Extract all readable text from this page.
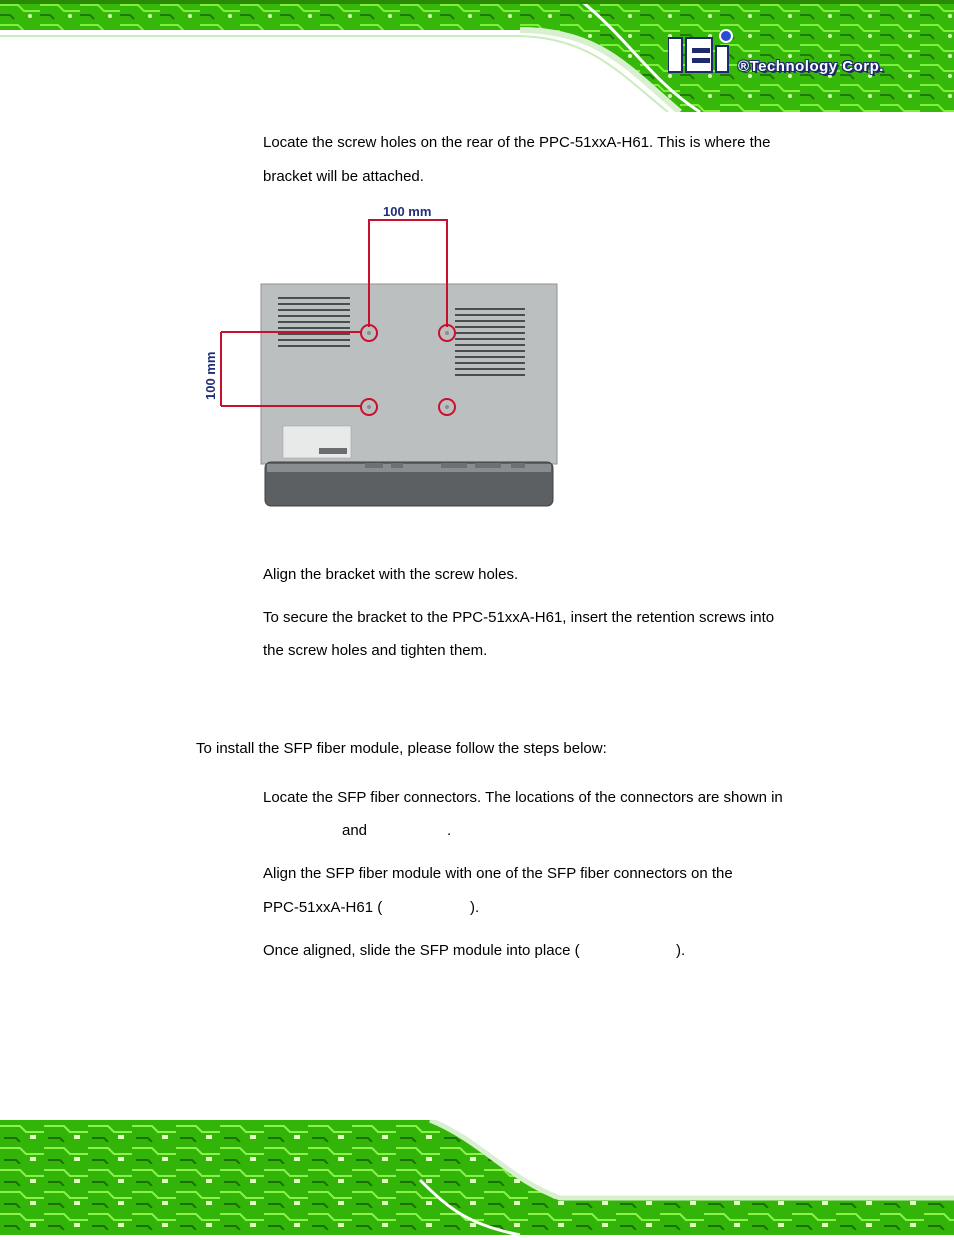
®Technology Corp.
Locate the screw holes on the rear of the PPC-51xxA-H61. This is where the
bracket will be attached.
100 mm
100 mm
Align the bracket with the screw holes.
To secure the bracket to the PPC-51xxA-H61, insert the retention screws into
the screw holes and tighten them.
To install the SFP fiber module, please follow the steps below:
Locate the SFP fiber connectors. The locations of the connectors are shown in
and	.
Align the SFP fiber module with one of the SFP fiber connectors on the
PPC-51xxA-H61 (	).
Once aligned, slide the SFP module into place (	).
